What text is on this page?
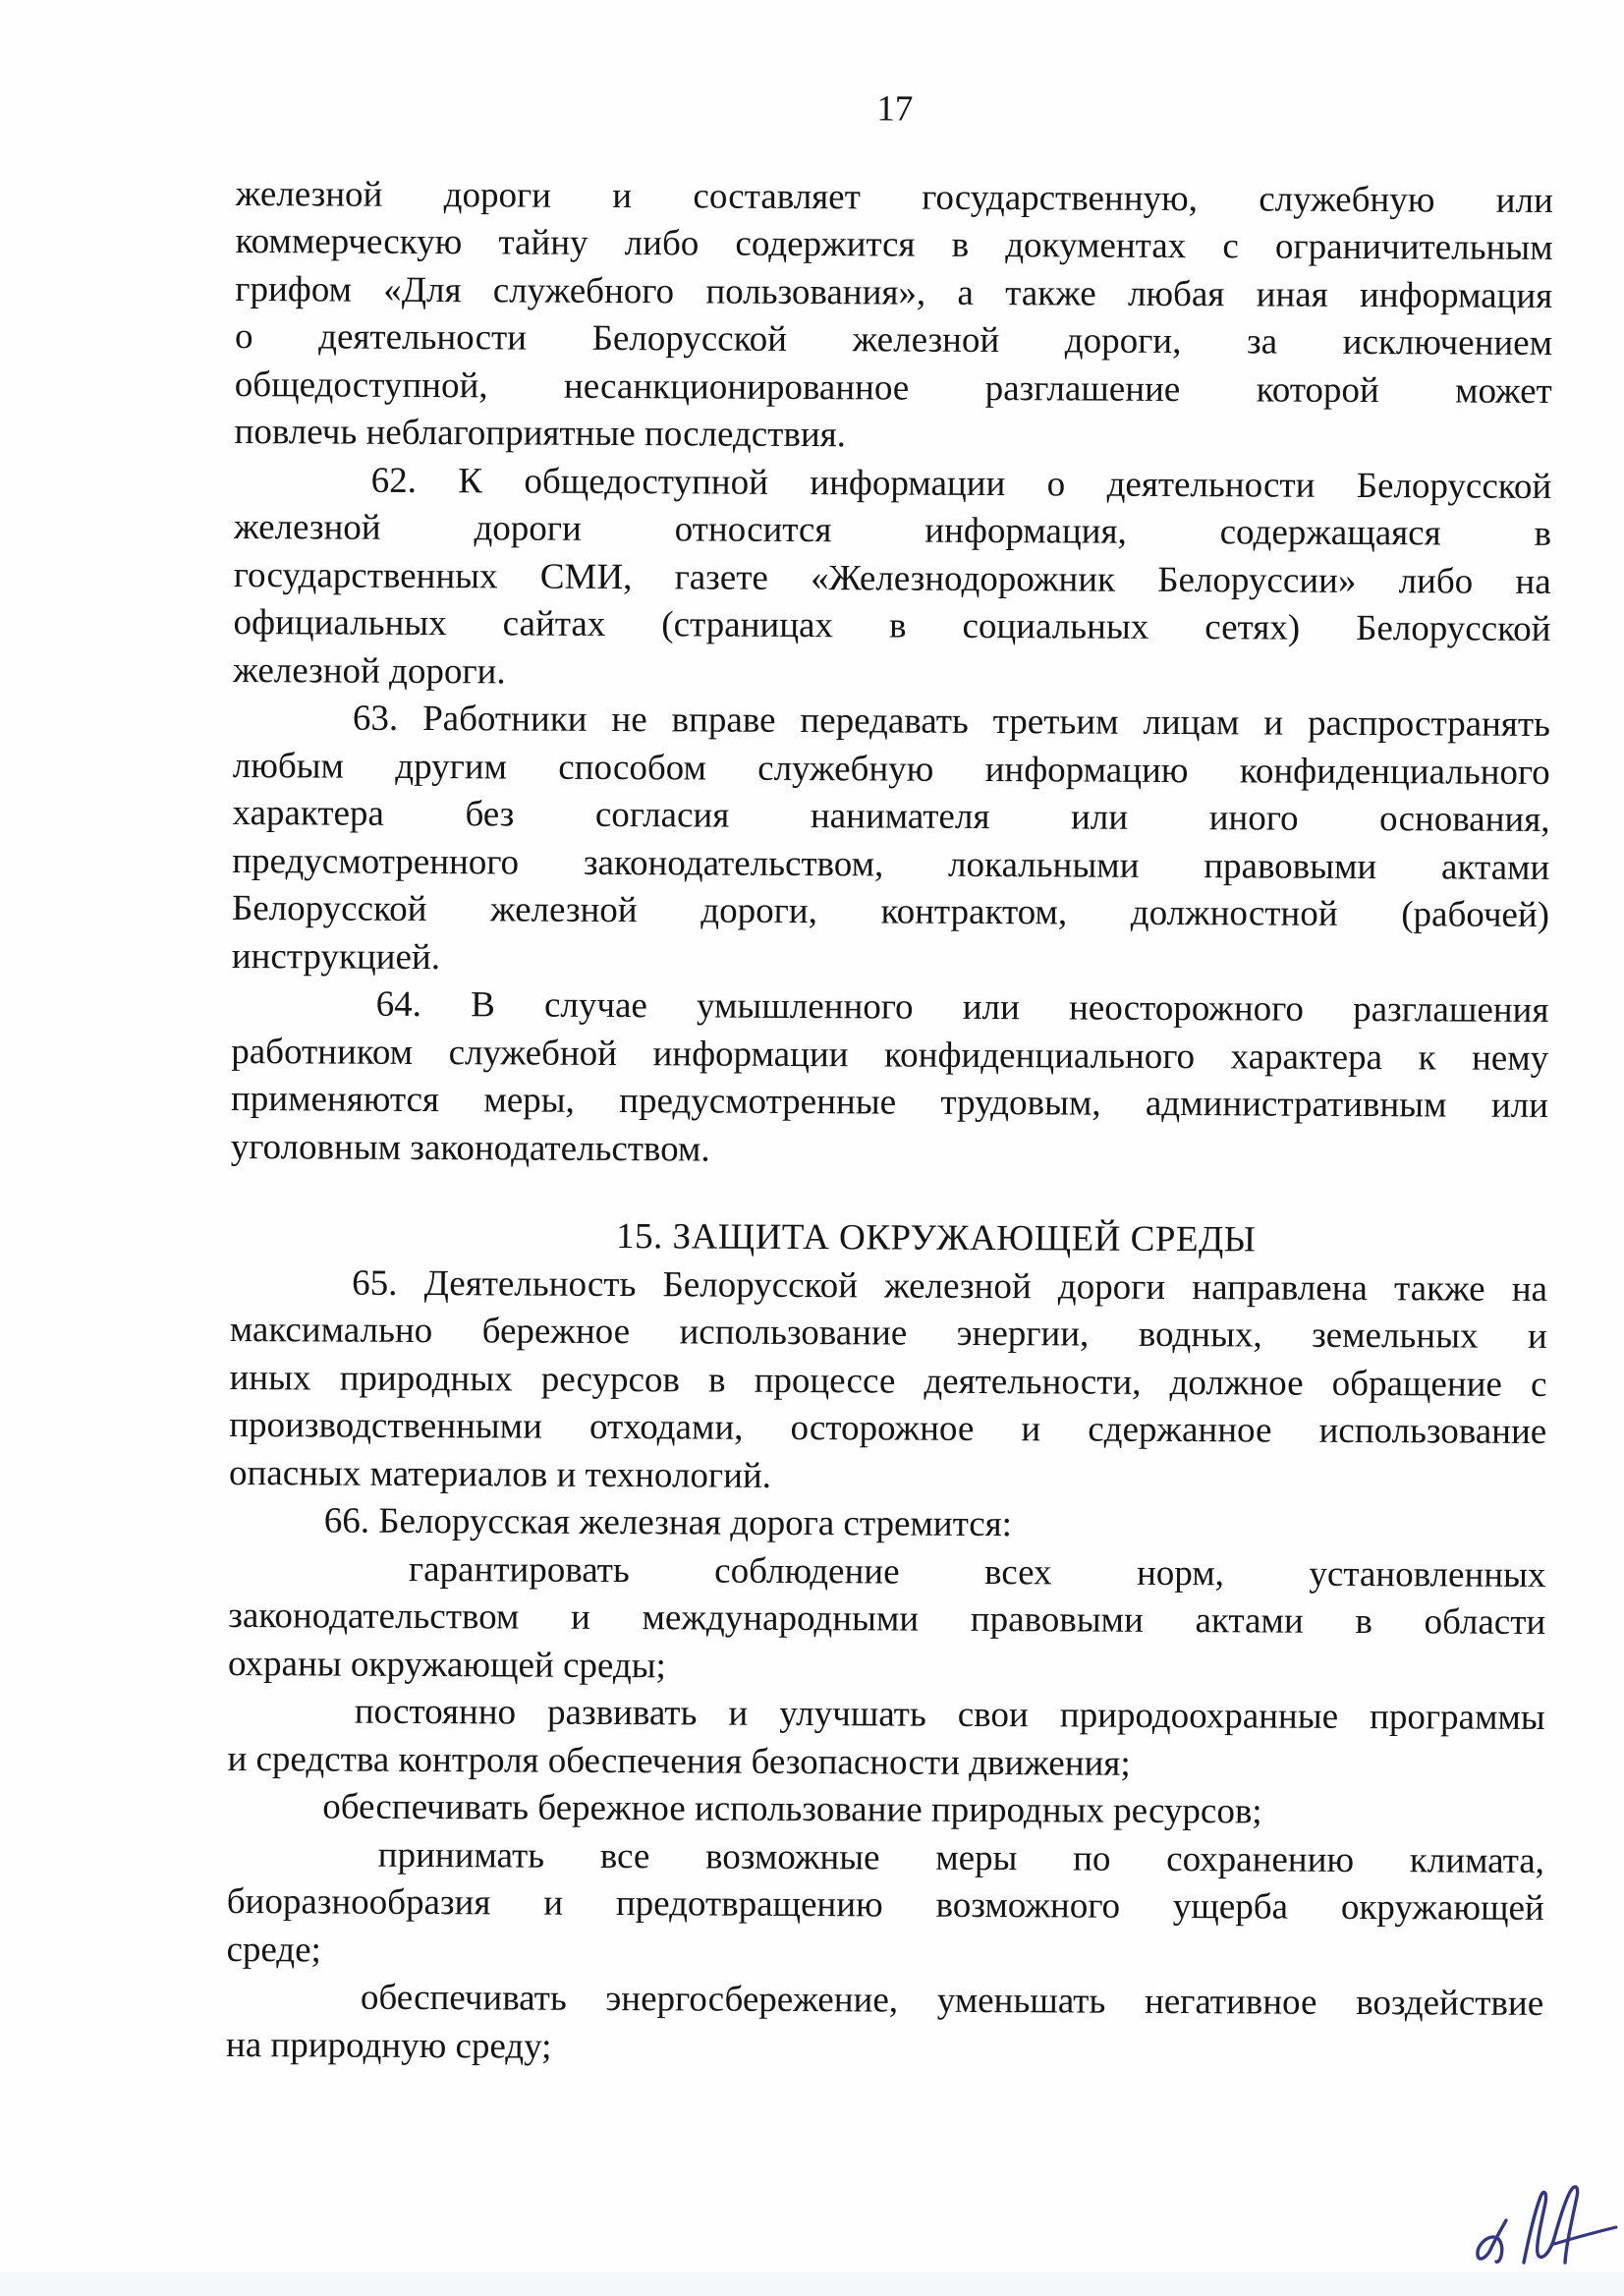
17

железной дороги и составляет государственную, служебную или
коммерческую тайну либо содержится в документах с ограничительным
грифом «Для служебного пользования», а также любая иная информация
о деятельности Белорусской железной дороги, за исключением
общедоступной, несанкционированное разглашение которой может
повлечь неблагоприятные последствия.

62. К общедоступной информации о деятельности Белорусской
железной	дороги	относится	информация,	содержащаяся	в
государственных СМИ, газете «Железнодорожник Белоруссии» либо на
официальных сайтах (страницах в социальных сетях) Белорусской
железной дороги.

63. Работники не вправе передавать третьим лицам и распространять
любым другим способом служебную информацию конфиденциального
характера без согласия нанимателя или иного основания,
предусмотренного законодательством, локальными правовыми актами
Белорусской железной дороги, контрактом, должностной (рабочей)
инструкцией.

64. В случае умышленного или неосторожного разглашения
работником служебной информации конфиденциального характера к нему
применяются меры, предусмотренные трудовым, административным или
уголовным законодательством.

15. ЗАЩИТА ОКРУЖАЮЩЕЙ СРЕДЫ

65. Деятельность Белорусской железной дороги направлена также на
максимально бережное использование энергии, водных, земельных и
иных природных ресурсов в процессе деятельности, должное обращение с
производственными отходами, осторожное и сдержанное использование
опасных материалов и технологий.

66. Белорусская железная дорога стремится:

гарантировать соблюдение всех норм, установленных
законодательством и международными правовыми актами в области
охраны окружающей среды;

постоянно развивать и улучшать свои природоохранные программы
и средства контроля обеспечения безопасности движения;

обеспечивать бережное использование природных ресурсов;

принимать все возможные меры по сохранению климата,
биоразнообразия и предотвращению возможного ущерба окружающей
среде;

обеспечивать энергосбережение, уменьшать негативное воздействие
на природную среду;
